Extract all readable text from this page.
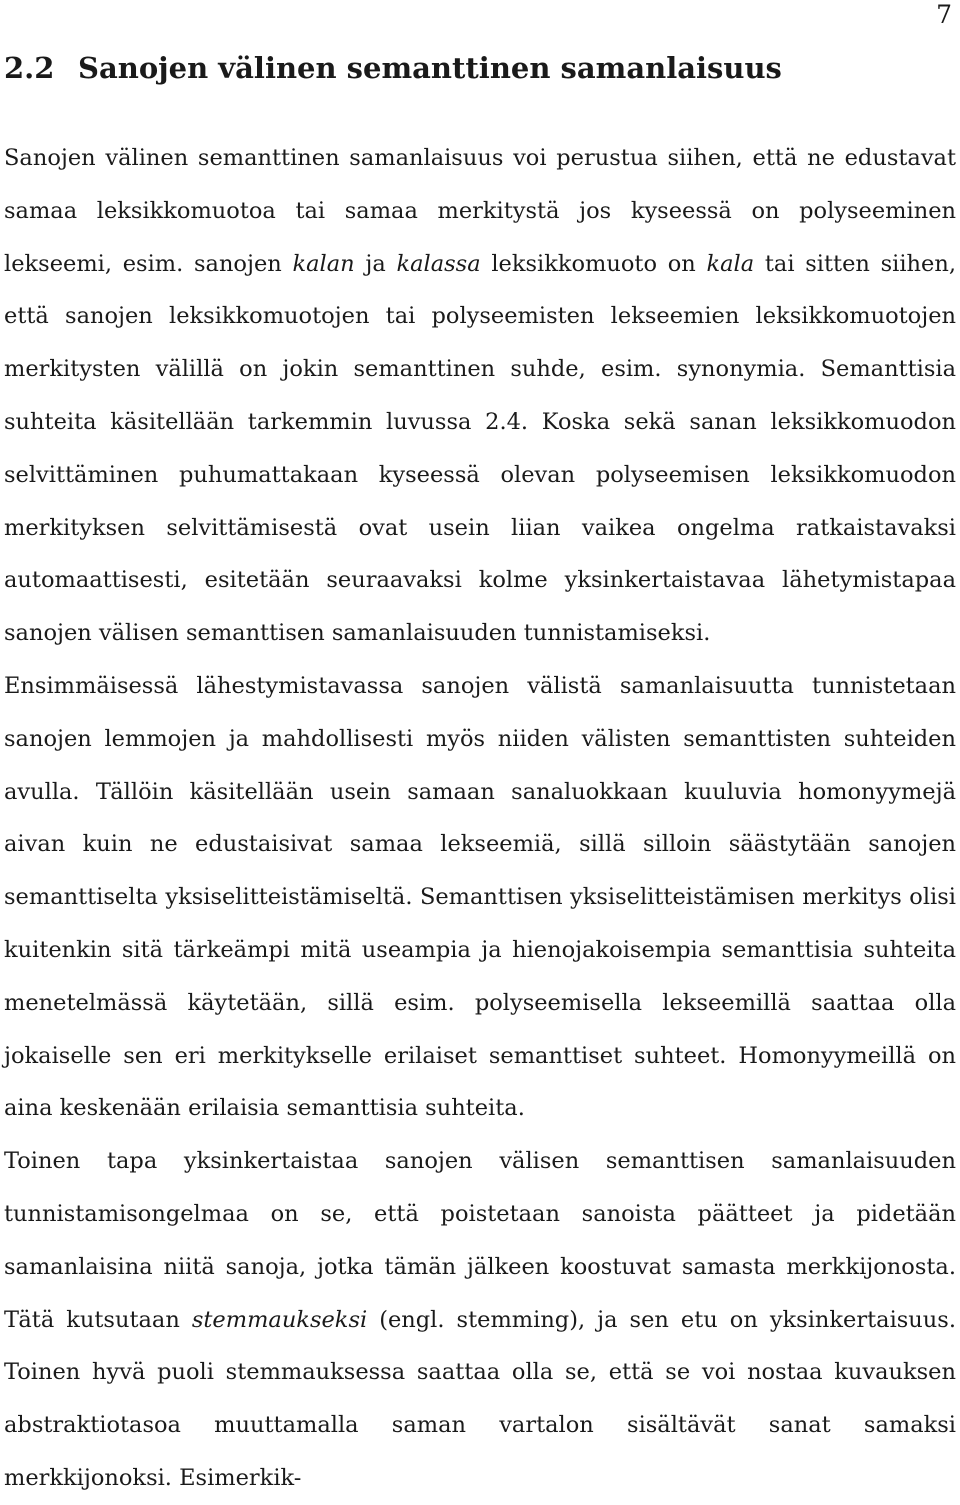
7
2.2 Sanojen välinen semanttinen samanlaisuus

Sanojen välinen semanttinen samanlaisuus voi perustua siihen, että ne edustavat samaa leksikkomuotoa tai samaa merkitystä jos kyseessä on polyseeminen lekseemi, esim. sanojen kalan ja kalassa leksikkomuoto on kala tai sitten siihen, että sanojen leksikkomuotojen tai polyseemisten lekseemien leksikkomuotojen merkitysten välillä on jokin semanttinen suhde, esim. synonymia. Semanttisia suhteita käsitellään tarkemmin luvussa 2.4. Koska sekä sanan leksikkomuodon selvittäminen puhumattakaan kyseessä olevan polyseemisen leksikkomuodon merkityksen selvittämisestä ovat usein liian vaikea ongelma ratkaistavaksi automaattisesti, esitetään seuraavaksi kolme yksinkertaistavaa lähetymistapaa sanojen välisen semanttisen samanlaisuuden tunnistamiseksi.

Ensimmäisessä lähestymistavassa sanojen välistä samanlaisuutta tunnistetaan sanojen lemmojen ja mahdollisesti myös niiden välisten semanttisten suhteiden avulla. Tällöin käsitellään usein samaan sanaluokkaan kuuluvia homonyymejä aivan kuin ne edustaisivat samaa lekseemiä, sillä silloin säästytään sanojen semanttiselta yksiselitteistämiseltä. Semanttisen yksiselitteistämisen merkitys olisi kuitenkin sitä tärkeämpi mitä useampia ja hienojakoisempia semanttisia suhteita menetelmässä käytetään, sillä esim. polyseemisella lekseemillä saattaa olla jokaiselle sen eri merkitykselle erilaiset semanttiset suhteet. Homonyymeillä on aina keskenään erilaisia semanttisia suhteita.

Toinen tapa yksinkertaistaa sanojen välisen semanttisen samanlaisuuden tunnistamisongelmaa on se, että poistetaan sanoista päätteet ja pidetään samanlaisina niitä sanoja, jotka tämän jälkeen koostuvat samasta merkkijonosta. Tätä kutsutaan stemmaukseksi (engl. stemming), ja sen etu on yksinkertaisuus. Toinen hyvä puoli stemmauksessa saattaa olla se, että se voi nostaa kuvauksen abstraktiotasoa muuttamalla saman vartalon sisältävät sanat samaksi merkkijonoksi. Esimerkik-
